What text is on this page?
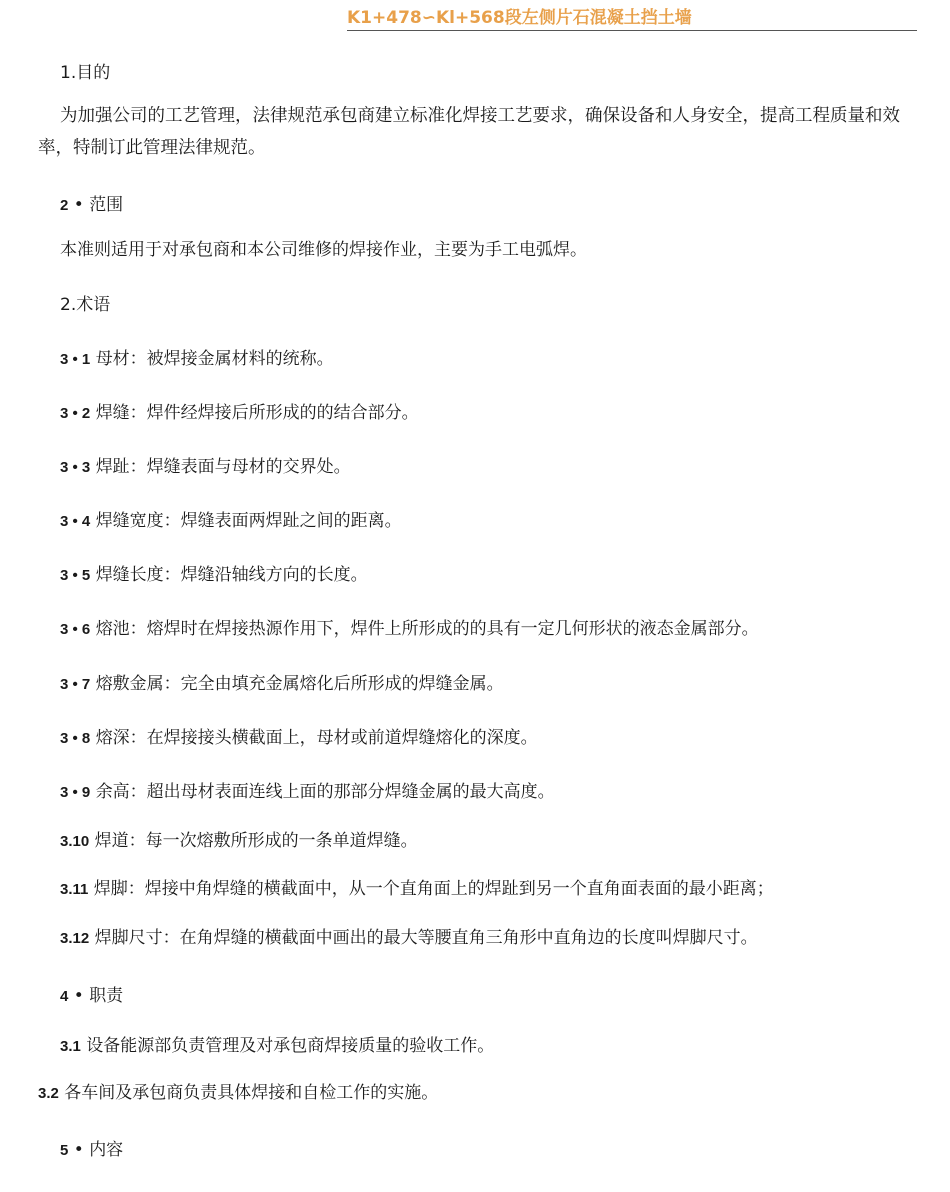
K1+478∽Kl+568段左侧片石混凝土挡土墙
1.目的
为加强公司的工艺管理，法律规范承包商建立标准化焊接工艺要求，确保设备和人身安全，提高工程质量和效率，特制订此管理法律规范。
2 • 范围
本准则适用于对承包商和本公司维修的焊接作业，主要为手工电弧焊。
2.术语
3 • 1 母材：被焊接金属材料的统称。
3 • 2 焊缝：焊件经焊接后所形成的的结合部分。
3 • 3 焊趾：焊缝表面与母材的交界处。
3 • 4 焊缝宽度：焊缝表面两焊趾之间的距离。
3 • 5 焊缝长度：焊缝沿轴线方向的长度。
3 • 6 熔池：熔焊时在焊接热源作用下，焊件上所形成的的具有一定几何形状的液态金属部分。
3 • 7 熔敷金属：完全由填充金属熔化后所形成的焊缝金属。
3 • 8 熔深：在焊接接头横截面上，母材或前道焊缝熔化的深度。
3 • 9 余高：超出母材表面连线上面的那部分焊缝金属的最大高度。
3.10 焊道：每一次熔敷所形成的一条单道焊缝。
3.11 焊脚：焊接中角焊缝的横截面中，从一个直角面上的焊趾到另一个直角面表面的最小距离；
3.12 焊脚尺寸：在角焊缝的横截面中画出的最大等腰直角三角形中直角边的长度叫焊脚尺寸。
4 • 职责
3.1 设备能源部负责管理及对承包商焊接质量的验收工作。
3.2 各车间及承包商负责具体焊接和自检工作的实施。
5 • 内容
